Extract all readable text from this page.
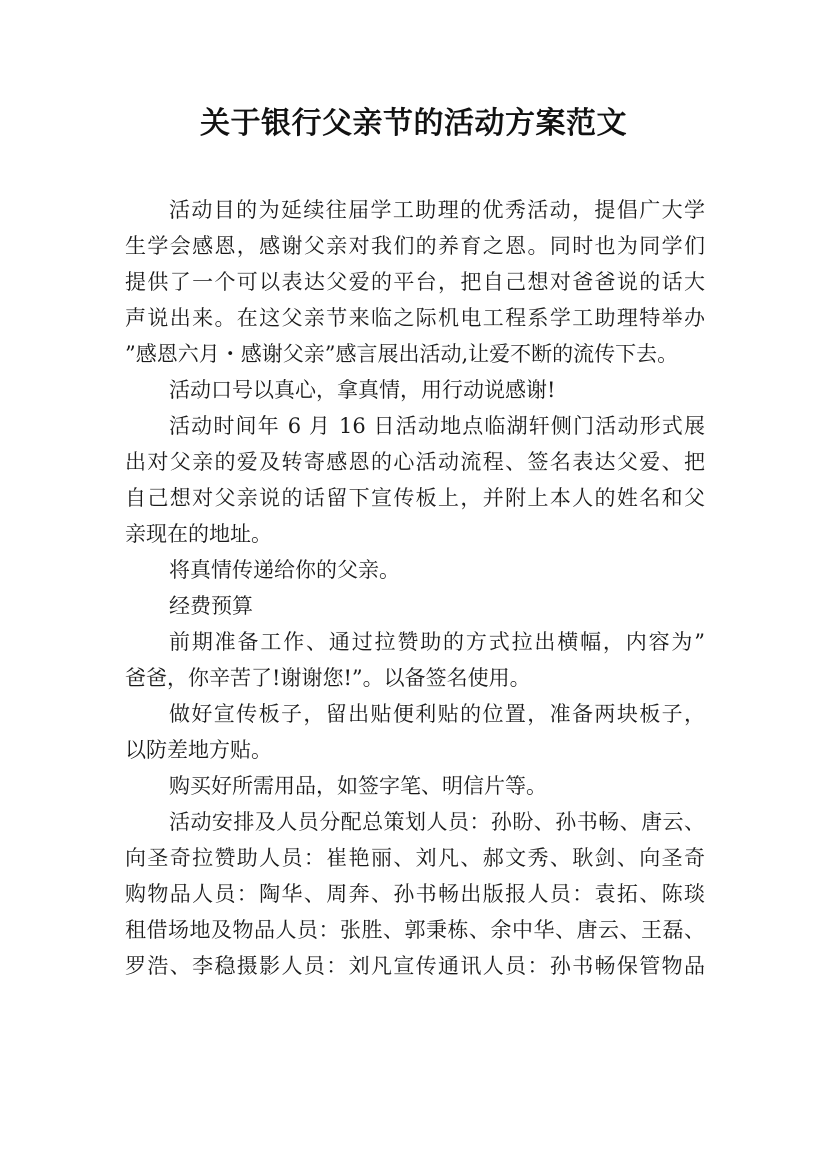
关于银行父亲节的活动方案范文
活动目的为延续往届学工助理的优秀活动，提倡广大学
生学会感恩，感谢父亲对我们的养育之恩。同时也为同学们
提供了一个可以表达父爱的平台，把自己想对爸爸说的话大
声说出来。在这父亲节来临之际机电工程系学工助理特举办
”感恩六月・感谢父亲”感言展出活动,让爱不断的流传下去。
活动口号以真心，拿真情，用行动说感谢!
活动时间年 6 月 16 日活动地点临湖轩侧门活动形式展
出对父亲的爱及转寄感恩的心活动流程、签名表达父爱、把
自己想对父亲说的话留下宣传板上，并附上本人的姓名和父
亲现在的地址。
将真情传递给你的父亲。
经费预算
前期准备工作、通过拉赞助的方式拉出横幅，内容为”
爸爸，你辛苦了!谢谢您!”。以备签名使用。
做好宣传板子，留出贴便利贴的位置，准备两块板子，
以防差地方贴。
购买好所需用品，如签字笔、明信片等。
活动安排及人员分配总策划人员：孙盼、孙书畅、唐云、
向圣奇拉赞助人员：崔艳丽、刘凡、郝文秀、耿剑、向圣奇
购物品人员：陶华、周奔、孙书畅出版报人员：袁拓、陈琰
租借场地及物品人员：张胜、郭秉栋、余中华、唐云、王磊、
罗浩、李稳摄影人员：刘凡宣传通讯人员：孙书畅保管物品
